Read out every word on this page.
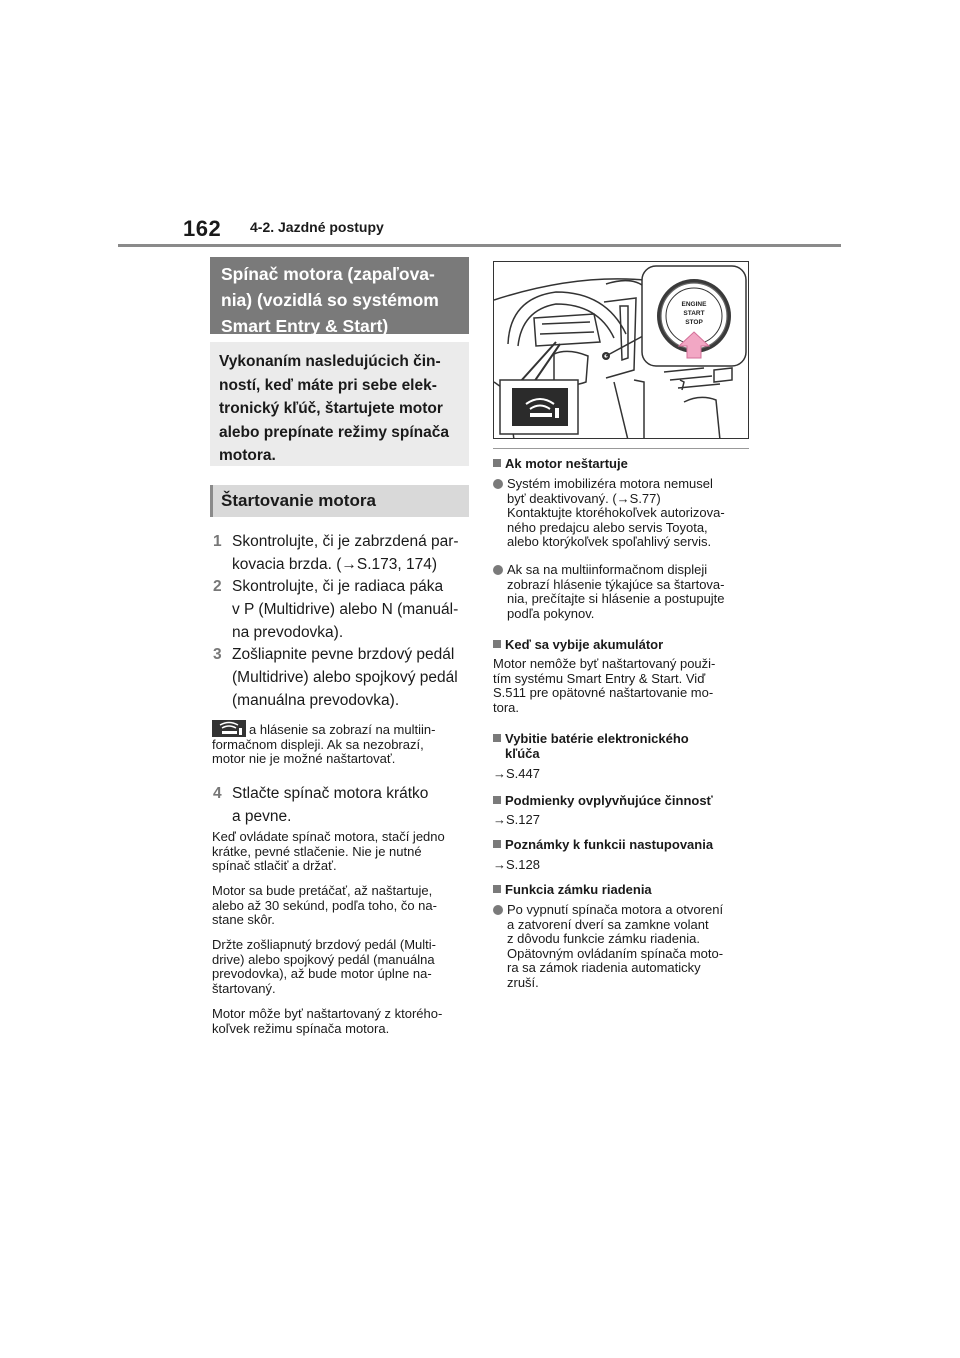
162 4-2. Jazdné postupy
Spínač motora (zapaľova-
nia) (vozidlá so systémom
Smart Entry & Start)
Vykonaním nasledujúcich čin-
ností, keď máte pri sebe elek-
tronický kľúč, štartujete motor
alebo prepínate režimy spínača
motora.
Štartovanie motora
1 Skontrolujte, či je zabrzdená par-
kovacia brzda. (→S.173, 174)
2 Skontrolujte, či je radiaca páka
v P (Multidrive) alebo N (manuál-
na prevodovka).
3 Zošliapnite pevne brzdový pedál
(Multidrive) alebo spojkový pedál
(manuálna prevodovka).
a hlásenie sa zobrazí na multiin-
formačnom displeji. Ak sa nezobrazí,
motor nie je možné naštartovať.
4 Stlačte spínač motora krátko
a pevne.
Keď ovládate spínač motora, stačí jedno
krátke, pevné stlačenie. Nie je nutné
spínač stlačiť a držať.
Motor sa bude pretáčať, až naštartuje,
alebo až 30 sekúnd, podľa toho, čo na-
stane skôr.
Držte zošliapnutý brzdový pedál (Multi-
drive) alebo spojkový pedál (manuálna
prevodovka), až bude motor úplne na-
štartovaný.
Motor môže byť naštartovaný z ktorého-
koľvek režimu spínača motora.
ENGINE
START
STOP
Ak motor neštartuje
Systém imobilizéra motora nemusel
byť deaktivovaný. (→S.77)
Kontaktujte ktoréhokoľvek autorizova-
ného predajcu alebo servis Toyota,
alebo ktorýkoľvek spoľahlivý servis.
Ak sa na multiinformačnom displeji
zobrazí hlásenie týkajúce sa štartova-
nia, prečítajte si hlásenie a postupujte
podľa pokynov.
Keď sa vybije akumulátor
Motor nemôže byť naštartovaný použi-
tím systému Smart Entry & Start. Viď
S.511 pre opätovné naštartovanie mo-
tora.
Vybitie batérie elektronického
kľúča
→S.447
Podmienky ovplyvňujúce činnosť
→S.127
Poznámky k funkcii nastupovania
→S.128
Funkcia zámku riadenia
Po vypnutí spínača motora a otvorení
a zatvorení dverí sa zamkne volant
z dôvodu funkcie zámku riadenia.
Opätovným ovládaním spínača moto-
ra sa zámok riadenia automaticky
zruší.
